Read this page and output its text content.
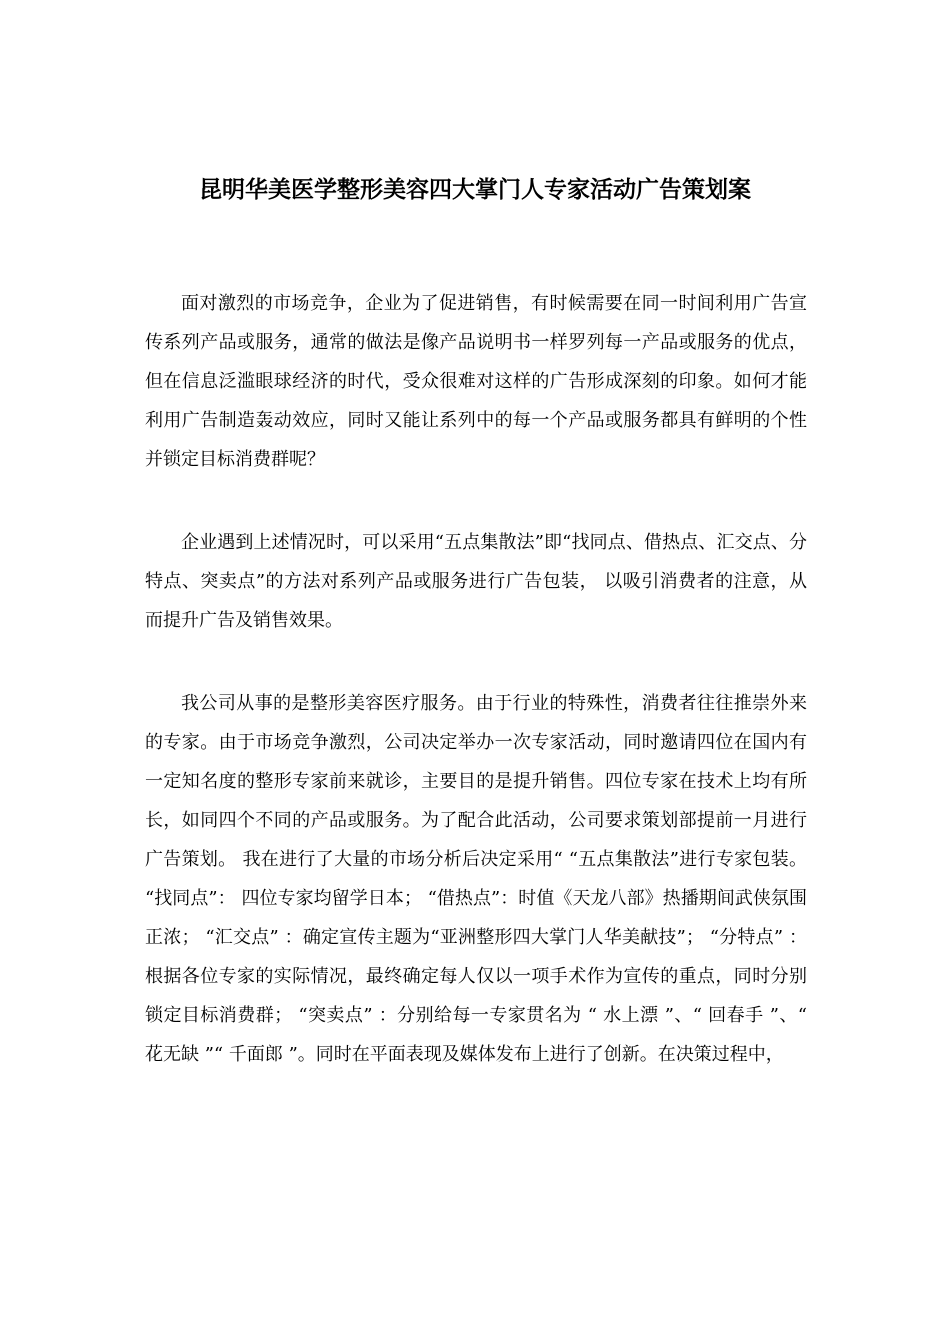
昆明华美医学整形美容四大掌门人专家活动广告策划案

面对激烈的市场竞争，企业为了促进销售，有时候需要在同一时间利用广告宣传系列产品或服务，通常的做法是像产品说明书一样罗列每一产品或服务的优点，但在信息泛滥眼球经济的时代，受众很难对这样的广告形成深刻的印象。如何才能利用广告制造轰动效应，同时又能让系列中的每一个产品或服务都具有鲜明的个性并锁定目标消费群呢？

企业遇到上述情况时，可以采用“五点集散法”即“找同点、借热点、汇交点、分特点、突卖点”的方法对系列产品或服务进行广告包装， 以吸引消费者的注意，从而提升广告及销售效果。

我公司从事的是整形美容医疗服务。由于行业的特殊性，消费者往往推崇外来的专家。由于市场竞争激烈，公司决定举办一次专家活动，同时邀请四位在国内有一定知名度的整形专家前来就诊，主要目的是提升销售。四位专家在技术上均有所长，如同四个不同的产品或服务。为了配合此活动，公司要求策划部提前一月进行广告策划。 我在进行了大量的市场分析后决定采用“ “五点集散法”进行专家包装。 “找同点”： 四位专家均留学日本； “借热点”：时值《天龙八部》热播期间武侠氛围正浓； “汇交点” ：确定宣传主题为“亚洲整形四大掌门人华美献技”； “分特点” ：根据各位专家的实际情况，最终确定每人仅以一项手术作为宣传的重点，同时分别锁定目标消费群； “突卖点” ：分别给每一专家贯名为 “ 水上漂 ”、“ 回春手 ”、“ 花无缺 ”“ 千面郎 ”。同时在平面表现及媒体发布上进行了创新。在决策过程中，
